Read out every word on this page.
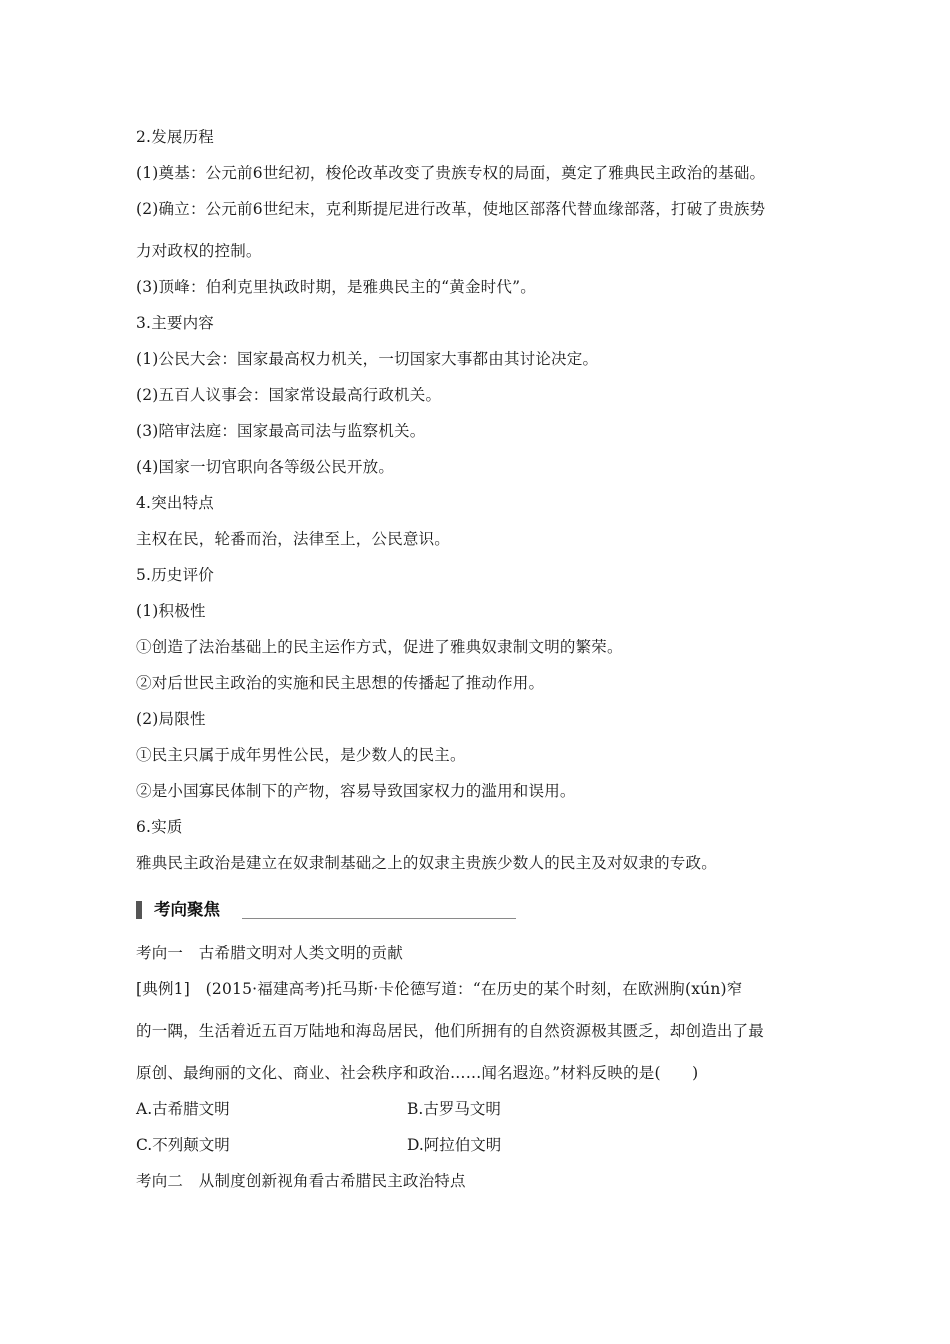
2.发展历程
(1)奠基：公元前6世纪初，梭伦改革改变了贵族专权的局面，奠定了雅典民主政治的基础。
(2)确立：公元前6世纪末，克利斯提尼进行改革，使地区部落代替血缘部落，打破了贵族势
力对政权的控制。
(3)顶峰：伯利克里执政时期，是雅典民主的“黄金时代”。
3.主要内容
(1)公民大会：国家最高权力机关，一切国家大事都由其讨论决定。
(2)五百人议事会：国家常设最高行政机关。
(3)陪审法庭：国家最高司法与监察机关。
(4)国家一切官职向各等级公民开放。
4.突出特点
主权在民，轮番而治，法律至上，公民意识。
5.历史评价
(1)积极性
①创造了法治基础上的民主运作方式，促进了雅典奴隶制文明的繁荣。
②对后世民主政治的实施和民主思想的传播起了推动作用。
(2)局限性
①民主只属于成年男性公民，是少数人的民主。
②是小国寡民体制下的产物，容易导致国家权力的滥用和误用。
6.实质
雅典民主政治是建立在奴隶制基础之上的奴隶主贵族少数人的民主及对奴隶的专政。
考向聚焦
考向一　古希腊文明对人类文明的贡献
[典例1]　(2015·福建高考)托马斯·卡伦德写道：“在历史的某个时刻，在欧洲朐(xún)窄
的一隅，生活着近五百万陆地和海岛居民，他们所拥有的自然资源极其匮乏，却创造出了最
原创、最绚丽的文化、商业、社会秩序和政治……闻名遐迩。”材料反映的是(　　)
A.古希腊文明	B.古罗马文明
C.不列颠文明	D.阿拉伯文明
考向二　从制度创新视角看古希腊民主政治特点
